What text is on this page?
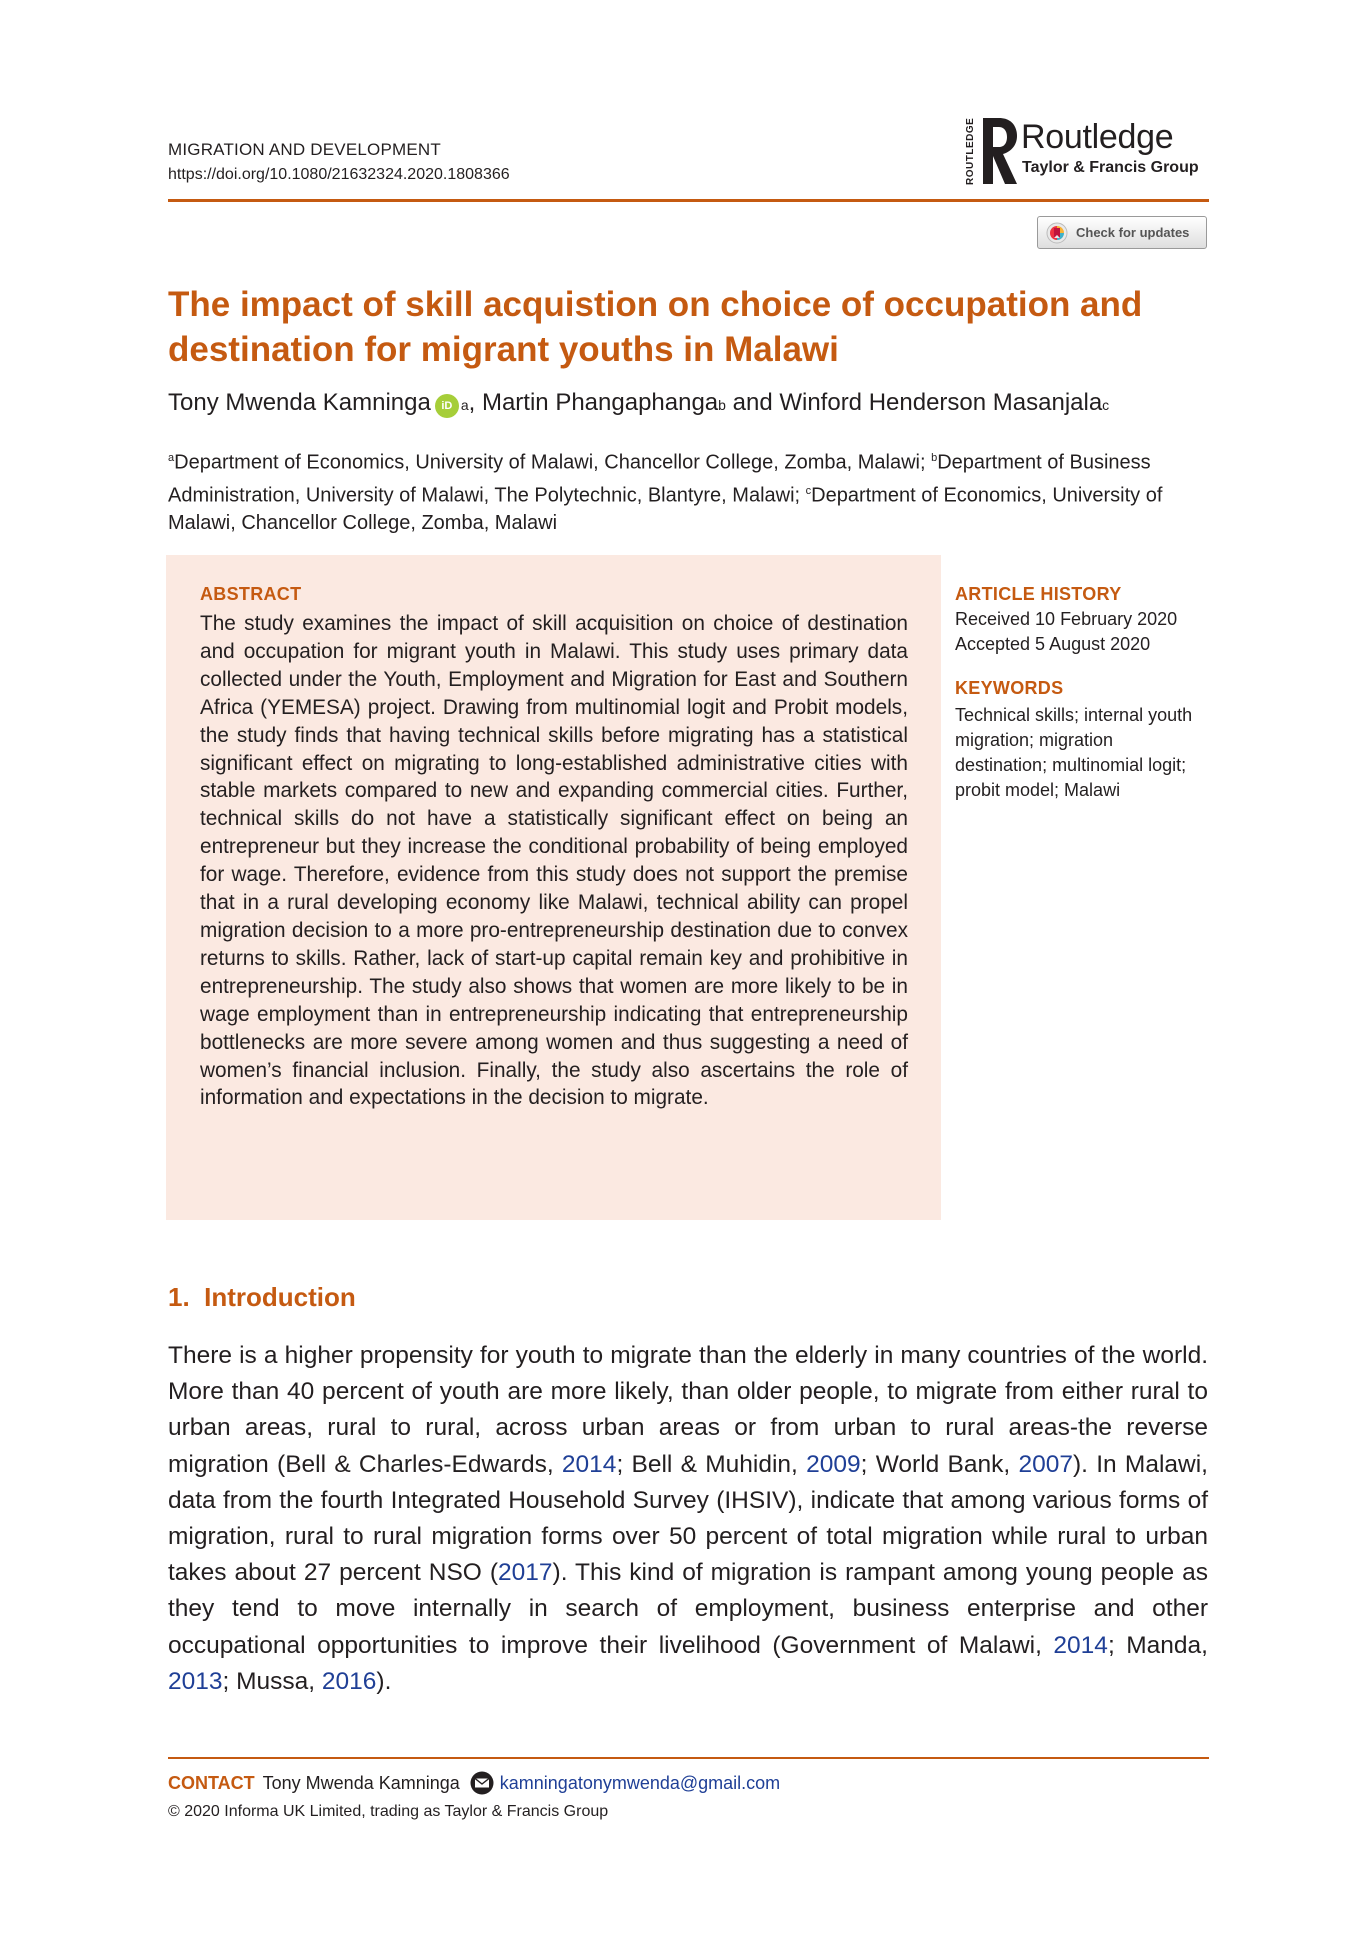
MIGRATION AND DEVELOPMENT
https://doi.org/10.1080/21632324.2020.1808366	ROUTLEDGE Routledge
Taylor & Francis Group
Check for updates
The impact of skill acquistion on choice of occupation and destination for migrant youths in Malawi
Tony Mwenda Kamninga iD a , Martin Phangaphanga b and Winford Henderson Masanjala c
$^a$Department of Economics, University of Malawi, Chancellor College, Zomba, Malawi; $^b$Department of Business Administration, University of Malawi, The Polytechnic, Blantyre, Malawi; $^c$Department of Economics, University of Malawi, Chancellor College, Zomba, Malawi
ABSTRACT
The study examines the impact of skill acquisition on choice of destination and occupation for migrant youth in Malawi. This study uses primary data collected under the Youth, Employment and Migration for East and Southern Africa (YEMESA) project. Drawing from multinomial logit and Probit models, the study finds that having technical skills before migrating has a statistical significant effect on migrating to long-established administrative cities with stable markets compared to new and expanding commercial cities. Further, technical skills do not have a statistically significant effect on being an entrepreneur but they increase the conditional probability of being employed for wage. Therefore, evidence from this study does not support the premise that in a rural developing economy like Malawi, technical ability can propel migration decision to a more pro-entrepreneurship destination due to convex returns to skills. Rather, lack of start-up capital remain key and prohibitive in entrepreneurship. The study also shows that women are more likely to be in wage employment than in entrepreneurship indicating that entrepreneurship bottlenecks are more severe among women and thus suggesting a need of women’s financial inclusion. Finally, the study also ascertains the role of information and expectations in the decision to migrate.
ARTICLE HISTORY
Received 10 February 2020
Accepted 5 August 2020
KEYWORDS
Technical skills; internal youth migration; migration destination; multinomial logit; probit model; Malawi
1.  Introduction
There is a higher propensity for youth to migrate than the elderly in many countries of the world. More than 40 percent of youth are more likely, than older people, to migrate from either rural to urban areas, rural to rural, across urban areas or from urban to rural areas-the reverse migration (Bell & Charles-Edwards, 2014; Bell & Muhidin, 2009; World Bank, 2007). In Malawi, data from the fourth Integrated Household Survey (IHSIV), indicate that among various forms of migration, rural to rural migration forms over 50 percent of total migration while rural to urban takes about 27 percent NSO (2017). This kind of migration is rampant among young people as they tend to move internally in search of employment, business enterprise and other occupational opportunities to improve their livelihood (Government of Malawi, 2014; Manda, 2013; Mussa, 2016).
CONTACT Tony Mwenda Kamninga kamningatonymwenda@gmail.com
© 2020 Informa UK Limited, trading as Taylor & Francis Group
